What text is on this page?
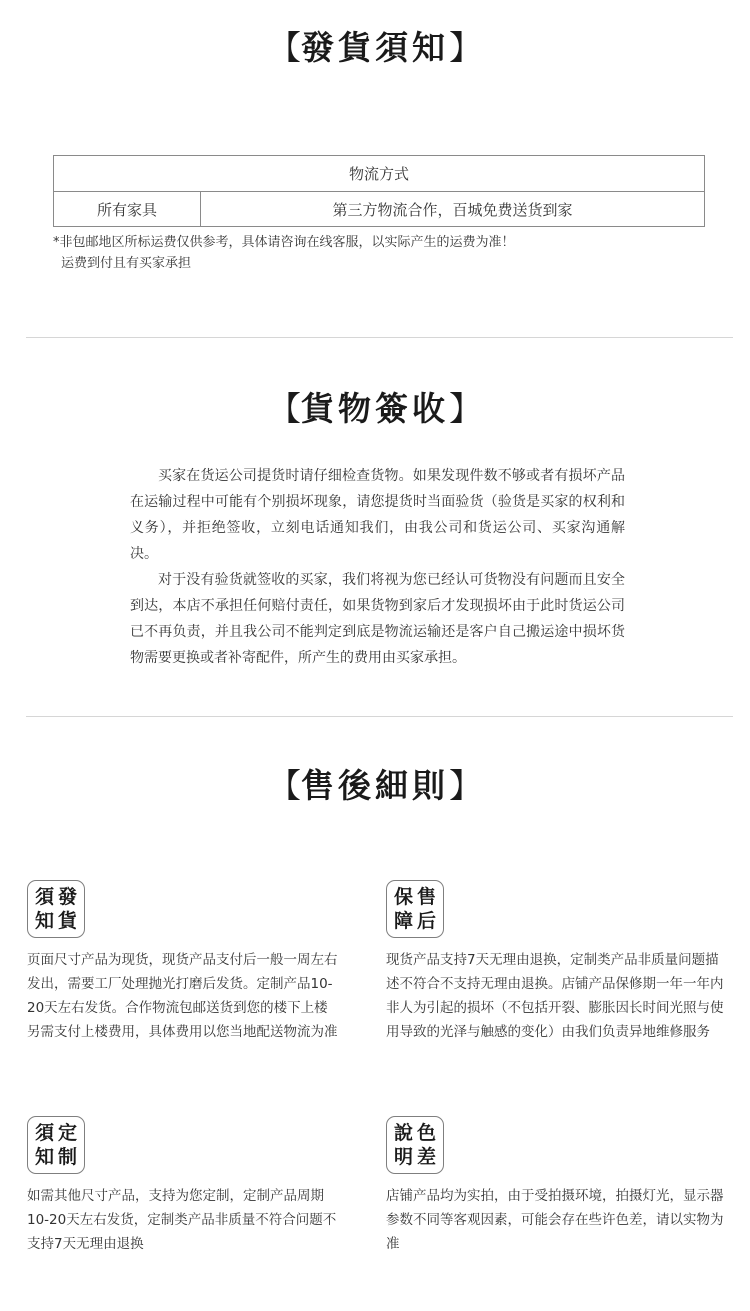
【發貨須知】
物流方式
所有家具	第三方物流合作，百城免费送货到家
*非包邮地区所标运费仅供参考，具体请咨询在线客服，以实际产生的运费为准！
运费到付且有买家承担
【貨物簽收】
买家在货运公司提货时请仔细检查货物。如果发现件数不够或者有损坏产品在运输过程中可能有个别损坏现象，请您提货时当面验货（验货是买家的权利和义务），并拒绝签收，立刻电话通知我们，由我公司和货运公司、买家沟通解决。
对于没有验货就签收的买家，我们将视为您已经认可货物没有问题而且安全到达，本店不承担任何赔付责任，如果货物到家后才发现损坏由于此时货运公司已不再负责，并且我公司不能判定到底是物流运输还是客户自己搬运途中损坏货物需要更换或者补寄配件，所产生的费用由买家承担。
【售後細則】
須 發
知 貨
页面尺寸产品为现货，现货产品支付后一般一周左右发出，需要工厂处理抛光打磨后发货。定制产品10-20天左右发货。合作物流包邮送货到您的楼下上楼另需支付上楼费用，具体费用以您当地配送物流为准
保 售
障 后
现货产品支持7天无理由退换，定制类产品非质量问题描述不符合不支持无理由退换。店铺产品保修期一年一年内非人为引起的损坏（不包括开裂、膨胀因长时间光照与使用导致的光泽与触感的变化）由我们负责异地维修服务
須 定
知 制
如需其他尺寸产品，支持为您定制，定制产品周期10-20天左右发货，定制类产品非质量不符合问题不支持7天无理由退换
說 色
明 差
店铺产品均为实拍，由于受拍摄环境，拍摄灯光，显示器参数不同等客观因素，可能会存在些许色差，请以实物为准
